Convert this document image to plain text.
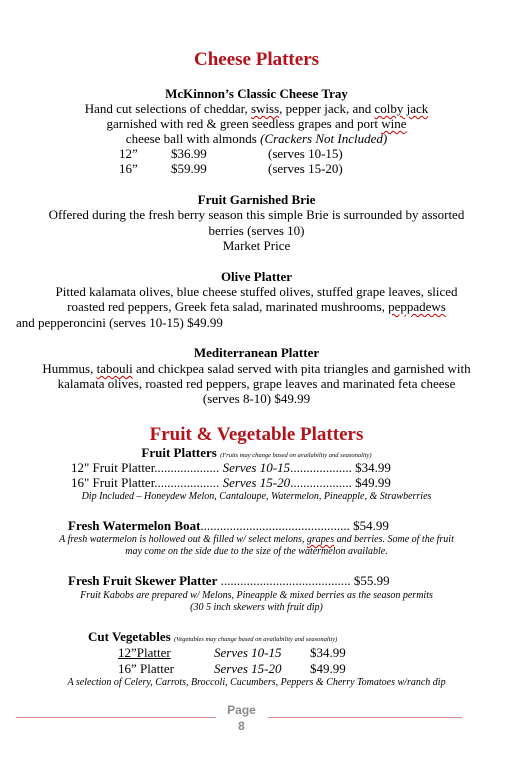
Cheese Platters
McKinnon’s Classic Cheese Tray
Hand cut selections of cheddar, swiss, pepper jack, and colby jack
garnished with red & green seedless grapes and port wine
cheese ball with almonds (Crackers Not Included)
12”	$36.99	(serves 10-15)
16”	$59.99	(serves 15-20)
Fruit Garnished Brie
Offered during the fresh berry season this simple Brie is surrounded by assorted
berries (serves 10)
Market Price
Olive Platter
Pitted kalamata olives, blue cheese stuffed olives, stuffed grape leaves, sliced
roasted red peppers, Greek feta salad, marinated mushrooms, peppadews
and pepperoncini (serves 10-15) $49.99
Mediterranean Platter
Hummus, tabouli and chickpea salad served with pita triangles and garnished with
kalamata olives, roasted red peppers, grape leaves and marinated feta cheese
(serves 8-10) $49.99
Fruit & Vegetable Platters
Fruit Platters (Fruits may change based on availability and seasonality)
12" Fruit Platter.................... Serves 10-15................... $34.99
16" Fruit Platter.................... Serves 15-20................... $49.99
Dip Included – Honeydew Melon, Cantaloupe, Watermelon, Pineapple, & Strawberries
Fresh Watermelon Boat.............................................. $54.99
A fresh watermelon is hollowed out & filled w/ select melons, grapes and berries. Some of the fruit
may come on the side due to the size of the watermelon available.
Fresh Fruit Skewer Platter ........................................ $55.99
Fruit Kabobs are prepared w/ Melons, Pineapple & mixed berries as the season permits
(30 5 inch skewers with fruit dip)
Cut Vegetables (Vegetables may change based on availability and seasonality)
12”Platter	Serves 10-15 $34.99
16” Platter	Serves 15-20 $49.99
A selection of Celery, Carrots, Broccoli, Cucumbers, Peppers & Cherry Tomatoes w/ranch dip
Page
8
